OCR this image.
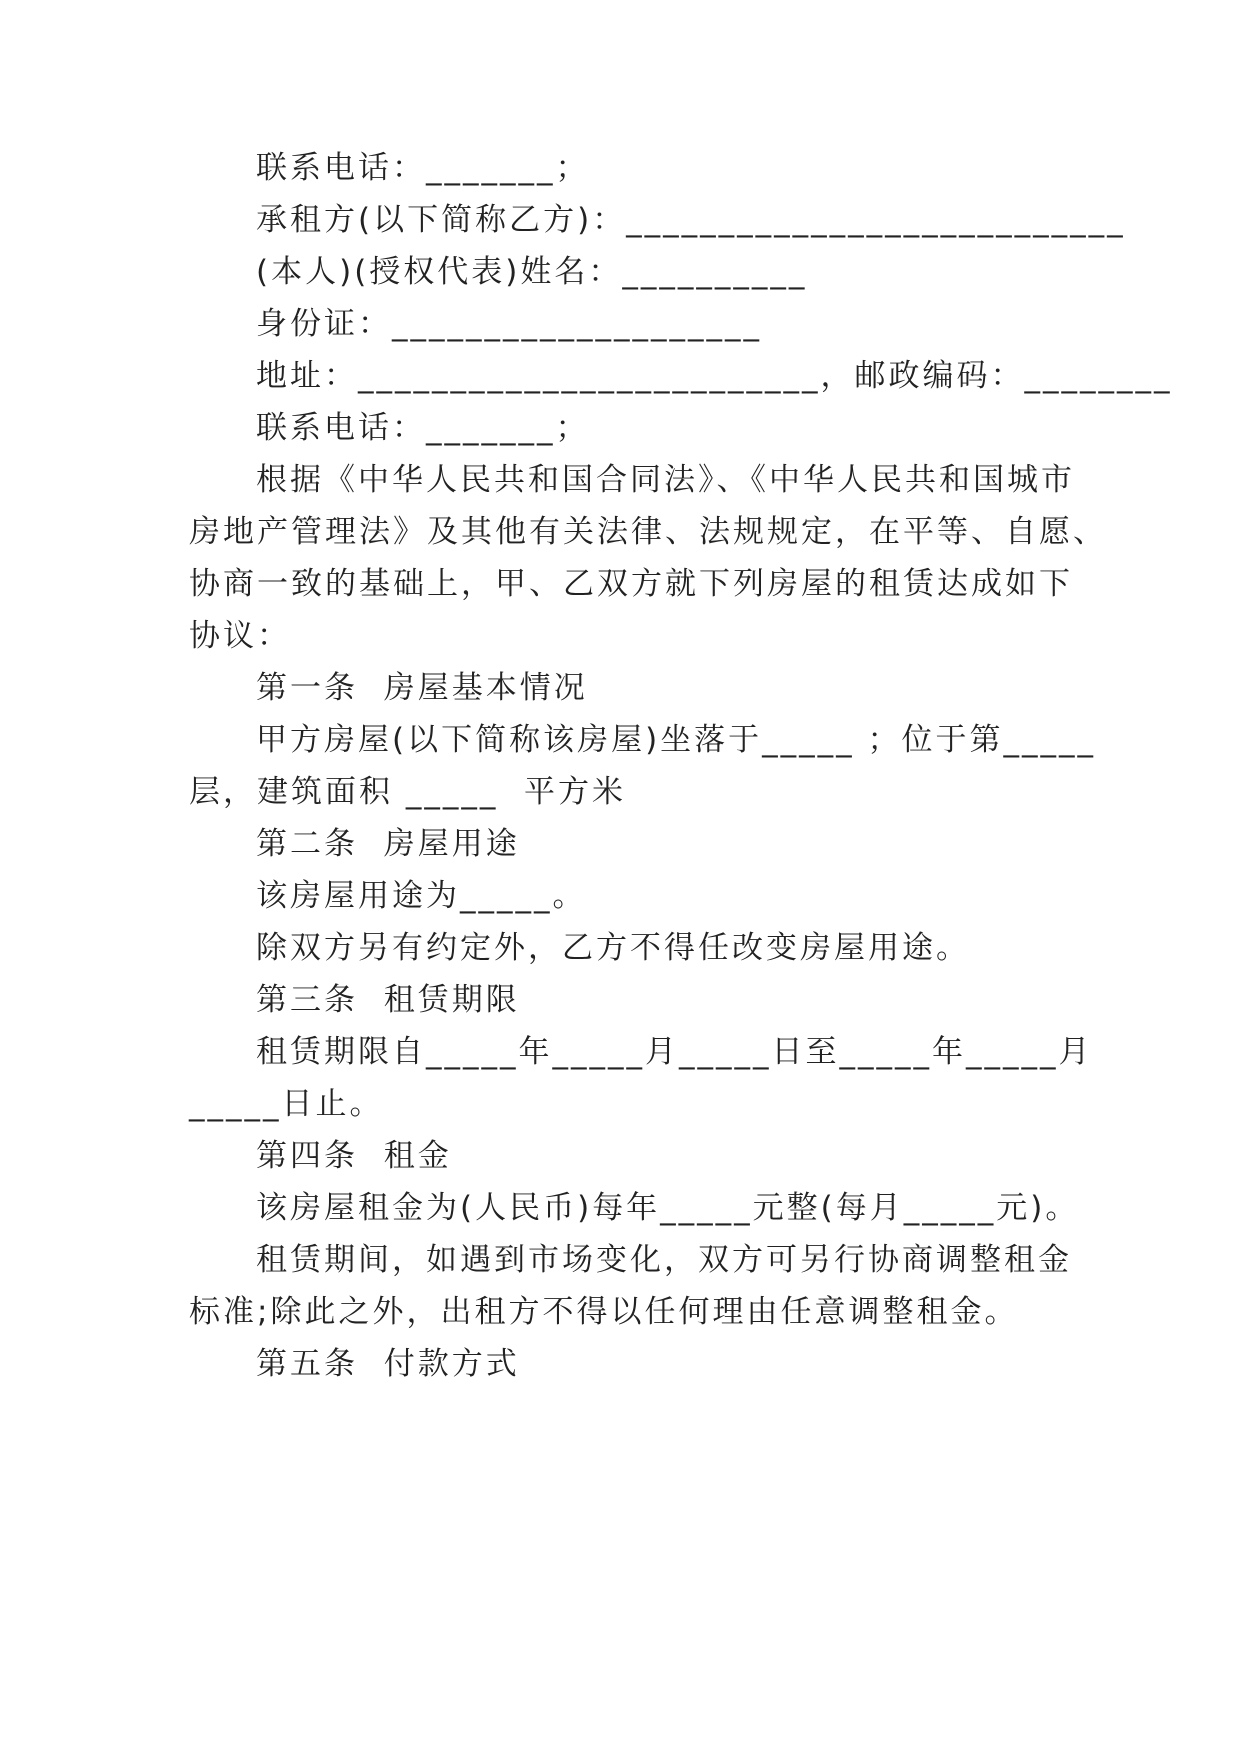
联系电话：_______；
承租方(以下简称乙方)：___________________________
(本人)(授权代表)姓名：__________
身份证：____________________
地址：_________________________，邮政编码：________
联系电话：_______；
根据《中华人民共和国合同法》、《中华人民共和国城市
房地产管理法》及其他有关法律、法规规定，在平等、自愿、
协商一致的基础上，甲、乙双方就下列房屋的租赁达成如下
协议：
第一条  房屋基本情况
甲方房屋(以下简称该房屋)坐落于_____ ；位于第_____
层，建筑面积 _____  平方米
第二条  房屋用途
该房屋用途为_____。
除双方另有约定外，乙方不得任改变房屋用途。
第三条  租赁期限
租赁期限自_____年_____月_____日至_____年_____月
_____日止。
第四条  租金
该房屋租金为(人民币)每年_____元整(每月_____元)。
租赁期间，如遇到市场变化，双方可另行协商调整租金
标准;除此之外，出租方不得以任何理由任意调整租金。
第五条  付款方式
